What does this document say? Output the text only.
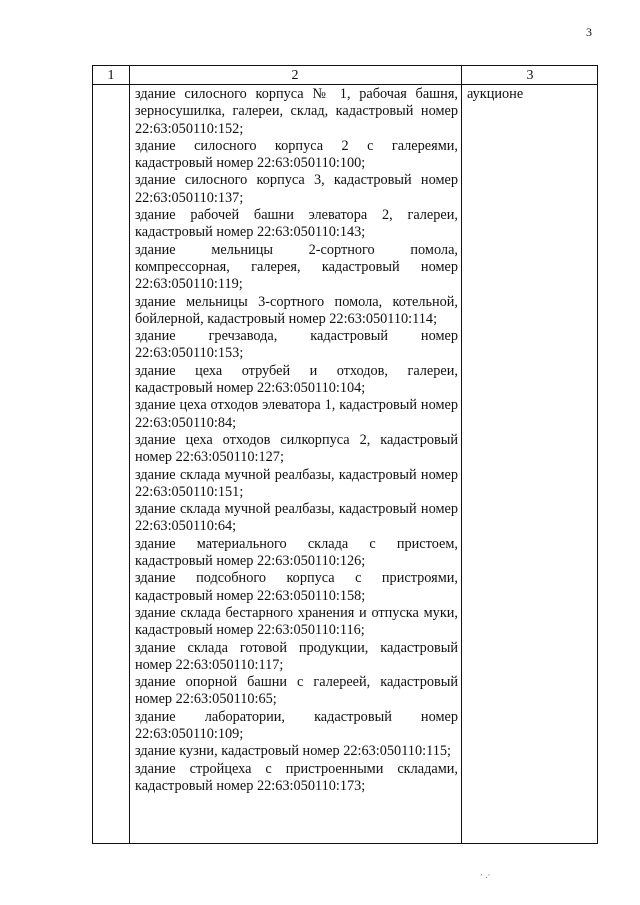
3
1	2	3
здание силосного корпуса № 1, рабочая башня, зерносушилка, галереи, склад, кадастровый номер 22:63:050110:152;
здание силосного корпуса 2 с галереями, кадастровый номер 22:63:050110:100;
здание силосного корпуса 3, кадастровый номер 22:63:050110:137;
здание рабочей башни элеватора 2, галереи, кадастровый номер 22:63:050110:143;
здание мельницы 2-сортного помола, компрессорная, галерея, кадастровый номер 22:63:050110:119;
здание мельницы 3-сортного помола, котельной, бойлерной, кадастровый номер 22:63:050110:114;
здание гречзавода, кадастровый номер 22:63:050110:153;
здание цеха отрубей и отходов, галереи, кадастровый номер 22:63:050110:104;
здание цеха отходов элеватора 1, кадастровый номер 22:63:050110:84;
здание цеха отходов силкорпуса 2, кадастровый номер 22:63:050110:127;
здание склада мучной реалбазы, кадастровый номер 22:63:050110:151;
здание склада мучной реалбазы, кадастровый номер 22:63:050110:64;
здание материального склада с пристоем, кадастровый номер 22:63:050110:126;
здание подсобного корпуса с пристроями, кадастровый номер 22:63:050110:158;
здание склада бестарного хранения и отпуска муки, кадастровый номер 22:63:050110:116;
здание склада готовой продукции, кадастровый номер 22:63:050110:117;
здание опорной башни с галереей, кадастровый номер 22:63:050110:65;
здание лаборатории, кадастровый номер 22:63:050110:109;
здание кузни, кадастровый номер 22:63:050110:115;
здание стройцеха с пристроенными складами, кадастровый номер 22:63:050110:173;
аукционе
· .·
